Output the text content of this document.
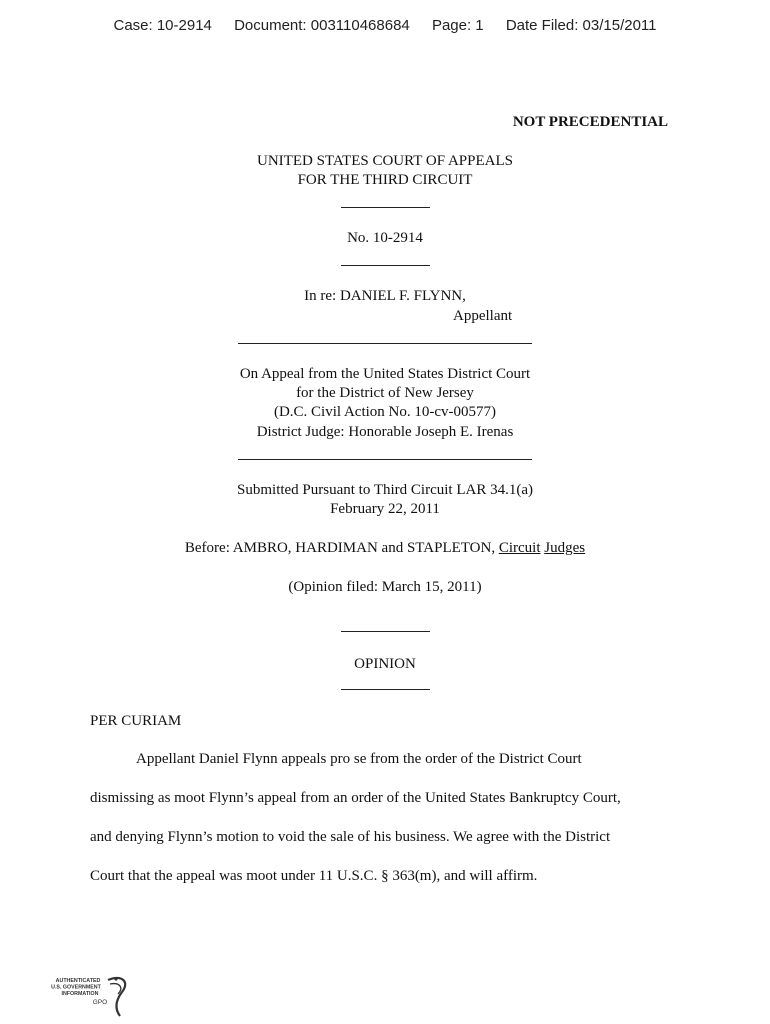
Case: 10-2914 Document: 003110468684 Page: 1 Date Filed: 03/15/2011
NOT PRECEDENTIAL
UNITED STATES COURT OF APPEALS
FOR THE THIRD CIRCUIT
No. 10-2914
In re: DANIEL F. FLYNN,
Appellant
On Appeal from the United States District Court
for the District of New Jersey
(D.C. Civil Action No. 10-cv-00577)
District Judge: Honorable Joseph E. Irenas
Submitted Pursuant to Third Circuit LAR 34.1(a)
February 22, 2011
Before: AMBRO, HARDIMAN and STAPLETON, Circuit Judges
(Opinion filed: March 15, 2011)
OPINION
PER CURIAM
Appellant Daniel Flynn appeals pro se from the order of the District Court
dismissing as moot Flynn’s appeal from an order of the United States Bankruptcy Court,
and denying Flynn’s motion to void the sale of his business. We agree with the District
Court that the appeal was moot under 11 U.S.C. § 363(m), and will affirm.
AUTHENTICATED
U.S. GOVERNMENT
INFORMATION
GPO
